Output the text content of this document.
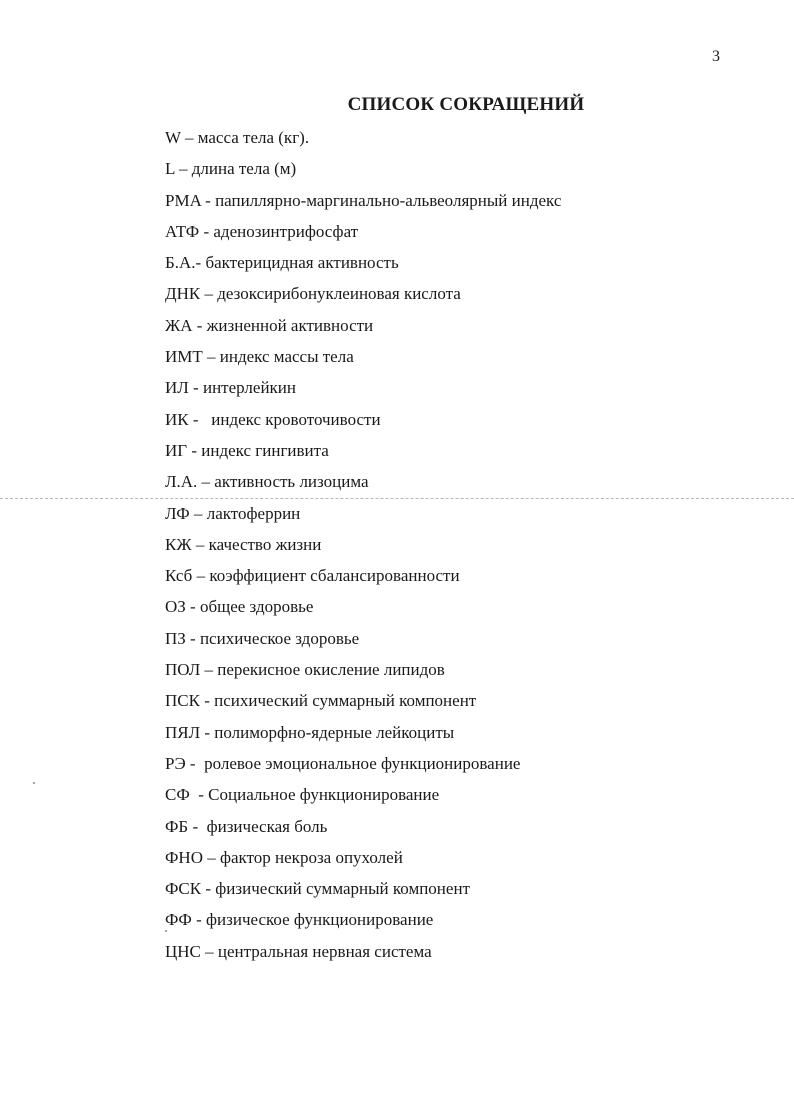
3
СПИСОК СОКРАЩЕНИЙ
W – масса тела (кг).
L – длина тела (м)
PMA - папиллярно-маргинально-альвеолярный индекс
АТФ - аденозинтрифосфат
Б.А.- бактерицидная активность
ДНК – дезоксирибонуклеиновая кислота
ЖА - жизненной активности
ИМТ – индекс массы тела
ИЛ - интерлейкин
ИК -   индекс кровоточивости
ИГ - индекс гингивита
Л.А. – активность лизоцима
ЛФ – лактоферрин
КЖ – качество жизни
Ксб – коэффициент сбалансированности
ОЗ - общее здоровье
ПЗ - психическое здоровье
ПОЛ – перекисное окисление липидов
ПСК - психический суммарный компонент
ПЯЛ - полиморфно-ядерные лейкоциты
РЭ -  ролевое эмоциональное функционирование
СФ  - Социальное функционирование
ФБ -  физическая боль
ФНО – фактор некроза опухолей
ФСК - физический суммарный компонент
ФФ - физическое функционирование
ЦНС – центральная нервная система
